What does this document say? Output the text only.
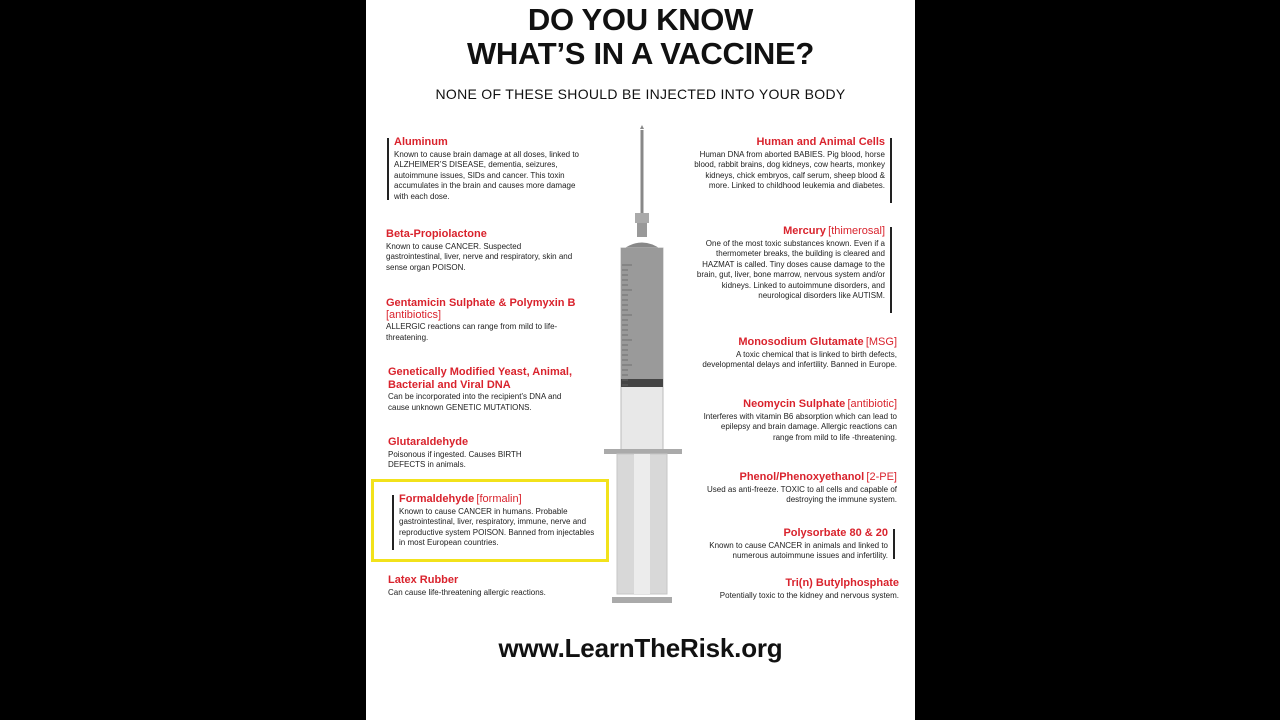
DO YOU KNOW
WHAT’S IN A VACCINE?
NONE OF THESE SHOULD BE INJECTED INTO YOUR BODY
Aluminum
Known to cause brain damage at all doses, linked to ALZHEIMER’S DISEASE, dementia, seizures, autoimmune issues, SIDs and cancer. This toxin accumulates in the brain and causes more damage with each dose.
Beta-Propiolactone
Known to cause CANCER. Suspected gastrointestinal, liver, nerve and respiratory, skin and sense organ POISON.
Gentamicin Sulphate & Polymyxin B [antibiotics]
ALLERGIC reactions can range from mild to life-threatening.
Genetically Modified Yeast, Animal, Bacterial and Viral DNA
Can be incorporated into the recipient’s DNA and cause unknown GENETIC MUTATIONS.
Glutaraldehyde
Poisonous if ingested. Causes BIRTH DEFECTS in animals.
Formaldehyde [formalin]
Known to cause CANCER in humans. Probable gastrointestinal, liver, respiratory, immune, nerve and reproductive system POISON. Banned from injectables in most European countries.
Latex Rubber
Can cause life-threatening allergic reactions.
Human and Animal Cells
Human DNA from aborted BABIES. Pig blood, horse blood, rabbit brains, dog kidneys, cow hearts, monkey kidneys, chick embryos, calf serum, sheep blood & more. Linked to childhood leukemia and diabetes.
Mercury [thimerosal]
One of the most toxic substances known. Even if a thermometer breaks, the building is cleared and HAZMAT is called. Tiny doses cause damage to the brain, gut, liver, bone marrow, nervous system and/or kidneys. Linked to autoimmune disorders, and neurological disorders like AUTISM.
Monosodium Glutamate [MSG]
A toxic chemical that is linked to birth defects, developmental delays and infertility. Banned in Europe.
Neomycin Sulphate [antibiotic]
Interferes with vitamin B6 absorption which can lead to epilepsy and brain damage. Allergic reactions can range from mild to life -threatening.
Phenol/Phenoxyethanol [2-PE]
Used as anti-freeze. TOXIC to all cells and capable of destroying the immune system.
Polysorbate 80 & 20
Known to cause CANCER in animals and linked to numerous autoimmune issues and infertility.
Tri(n) Butylphosphate
Potentially toxic to the kidney and nervous system.
www.LearnTheRisk.org
